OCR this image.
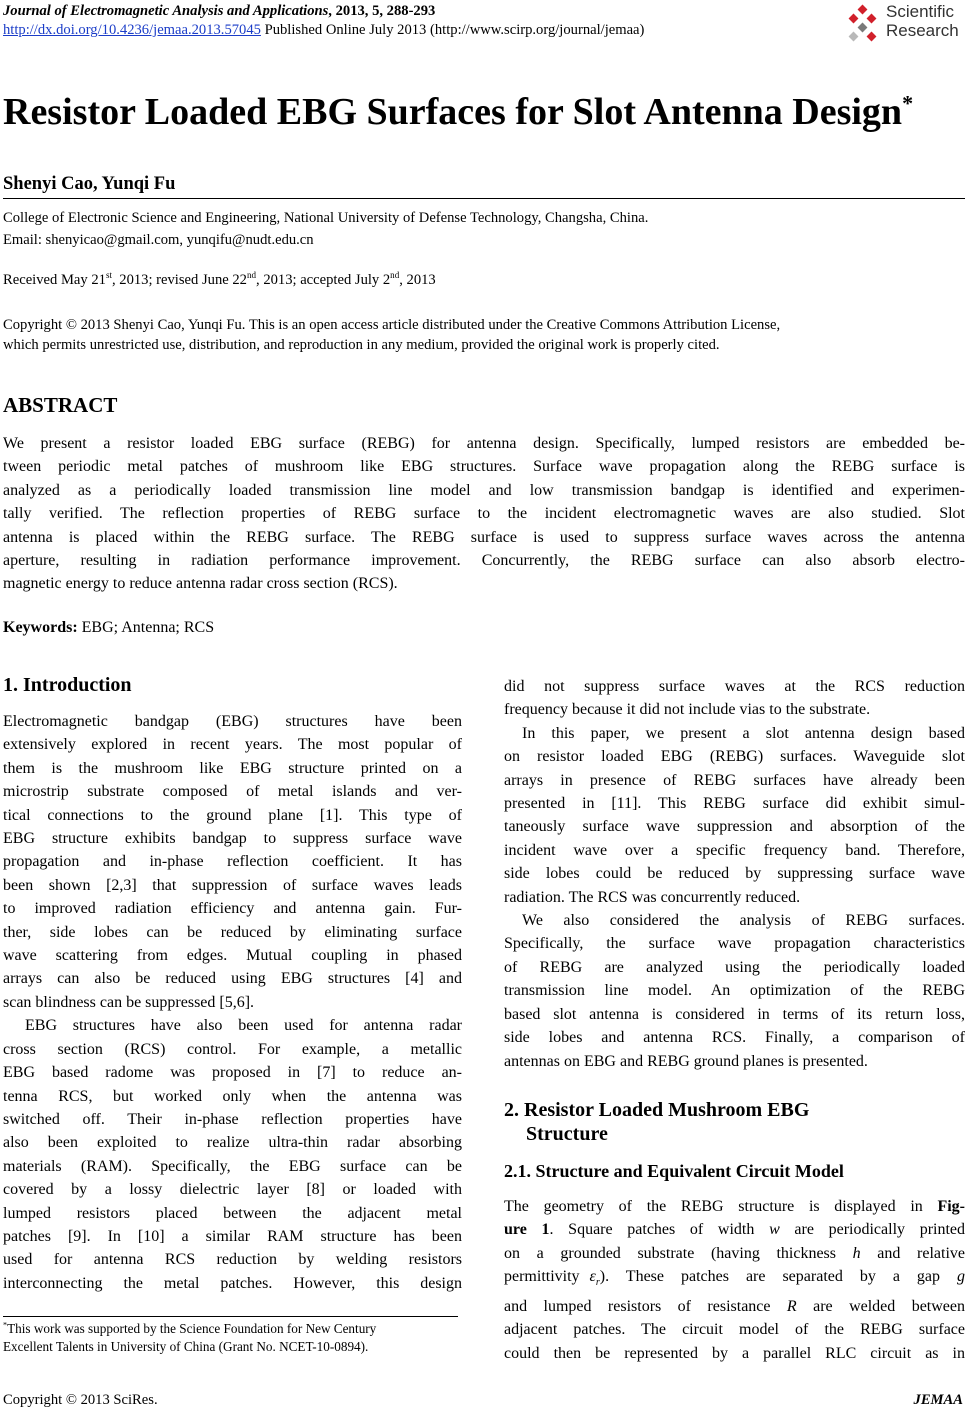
Journal of Electromagnetic Analysis and Applications, 2013, 5, 288-293
http://dx.doi.org/10.4236/jemaa.2013.57045 Published Online July 2013 (http://www.scirp.org/journal/jemaa)
Scientific
Research
Resistor Loaded EBG Surfaces for Slot Antenna Design*
Shenyi Cao, Yunqi Fu
College of Electronic Science and Engineering, National University of Defense Technology, Changsha, China.
Email: shenyicao@gmail.com, yunqifu@nudt.edu.cn
Received May 21st, 2013; revised June 22nd, 2013; accepted July 2nd, 2013
Copyright © 2013 Shenyi Cao, Yunqi Fu. This is an open access article distributed under the Creative Commons Attribution License,
which permits unrestricted use, distribution, and reproduction in any medium, provided the original work is properly cited.
ABSTRACT
We present a resistor loaded EBG surface (REBG) for antenna design. Specifically, lumped resistors are embedded be-
tween periodic metal patches of mushroom like EBG structures. Surface wave propagation along the REBG surface is
analyzed as a periodically loaded transmission line model and low transmission bandgap is identified and experimen-
tally verified. The reflection properties of REBG surface to the incident electromagnetic waves are also studied. Slot
antenna is placed within the REBG surface. The REBG surface is used to suppress surface waves across the antenna
aperture, resulting in radiation performance improvement. Concurrently, the REBG surface can also absorb electro-
magnetic energy to reduce antenna radar cross section (RCS).
Keywords: EBG; Antenna; RCS
1. Introduction
Electromagnetic bandgap (EBG) structures have been
extensively explored in recent years. The most popular of
them is the mushroom like EBG structure printed on a
microstrip substrate composed of metal islands and ver-
tical connections to the ground plane [1]. This type of
EBG structure exhibits bandgap to suppress surface wave
propagation and in-phase reflection coefficient. It has
been shown [2,3] that suppression of surface waves leads
to improved radiation efficiency and antenna gain. Fur-
ther, side lobes can be reduced by eliminating surface
wave scattering from edges. Mutual coupling in phased
arrays can also be reduced using EBG structures [4] and
scan blindness can be suppressed [5,6].
EBG structures have also been used for antenna radar
cross section (RCS) control. For example, a metallic
EBG based radome was proposed in [7] to reduce an-
tenna RCS, but worked only when the antenna was
switched off. Their in-phase reflection properties have
also been exploited to realize ultra-thin radar absorbing
materials (RAM). Specifically, the EBG surface can be
covered by a lossy dielectric layer [8] or loaded with
lumped resistors placed between the adjacent metal
patches [9]. In [10] a similar RAM structure has been
used for antenna RCS reduction by welding resistors
interconnecting the metal patches. However, this design
*This work was supported by the Science Foundation for New Century
Excellent Talents in University of China (Grant No. NCET-10-0894).
did not suppress surface waves at the RCS reduction
frequency because it did not include vias to the substrate.
In this paper, we present a slot antenna design based
on resistor loaded EBG (REBG) surfaces. Waveguide slot
arrays in presence of REBG surfaces have already been
presented in [11]. This REBG surface did exhibit simul-
taneously surface wave suppression and absorption of the
incident wave over a specific frequency band. Therefore,
side lobes could be reduced by suppressing surface wave
radiation. The RCS was concurrently reduced.
We also considered the analysis of REBG surfaces.
Specifically, the surface wave propagation characteristics
of REBG are analyzed using the periodically loaded
transmission line model. An optimization of the REBG
based slot antenna is considered in terms of its return loss,
side lobes and antenna RCS. Finally, a comparison of
antennas on EBG and REBG ground planes is presented.
2. Resistor Loaded Mushroom EBG
Structure
2.1. Structure and Equivalent Circuit Model
The geometry of the REBG structure is displayed in Fig-
ure 1. Square patches of width w are periodically printed
on a grounded substrate (having thickness h and relative
permittivity $\varepsilon_r$). These patches are separated by a gap g
and lumped resistors of resistance R are welded between
adjacent patches. The circuit model of the REBG surface
could then be represented by a parallel RLC circuit as in
Copyright © 2013 SciRes.	JEMAA
